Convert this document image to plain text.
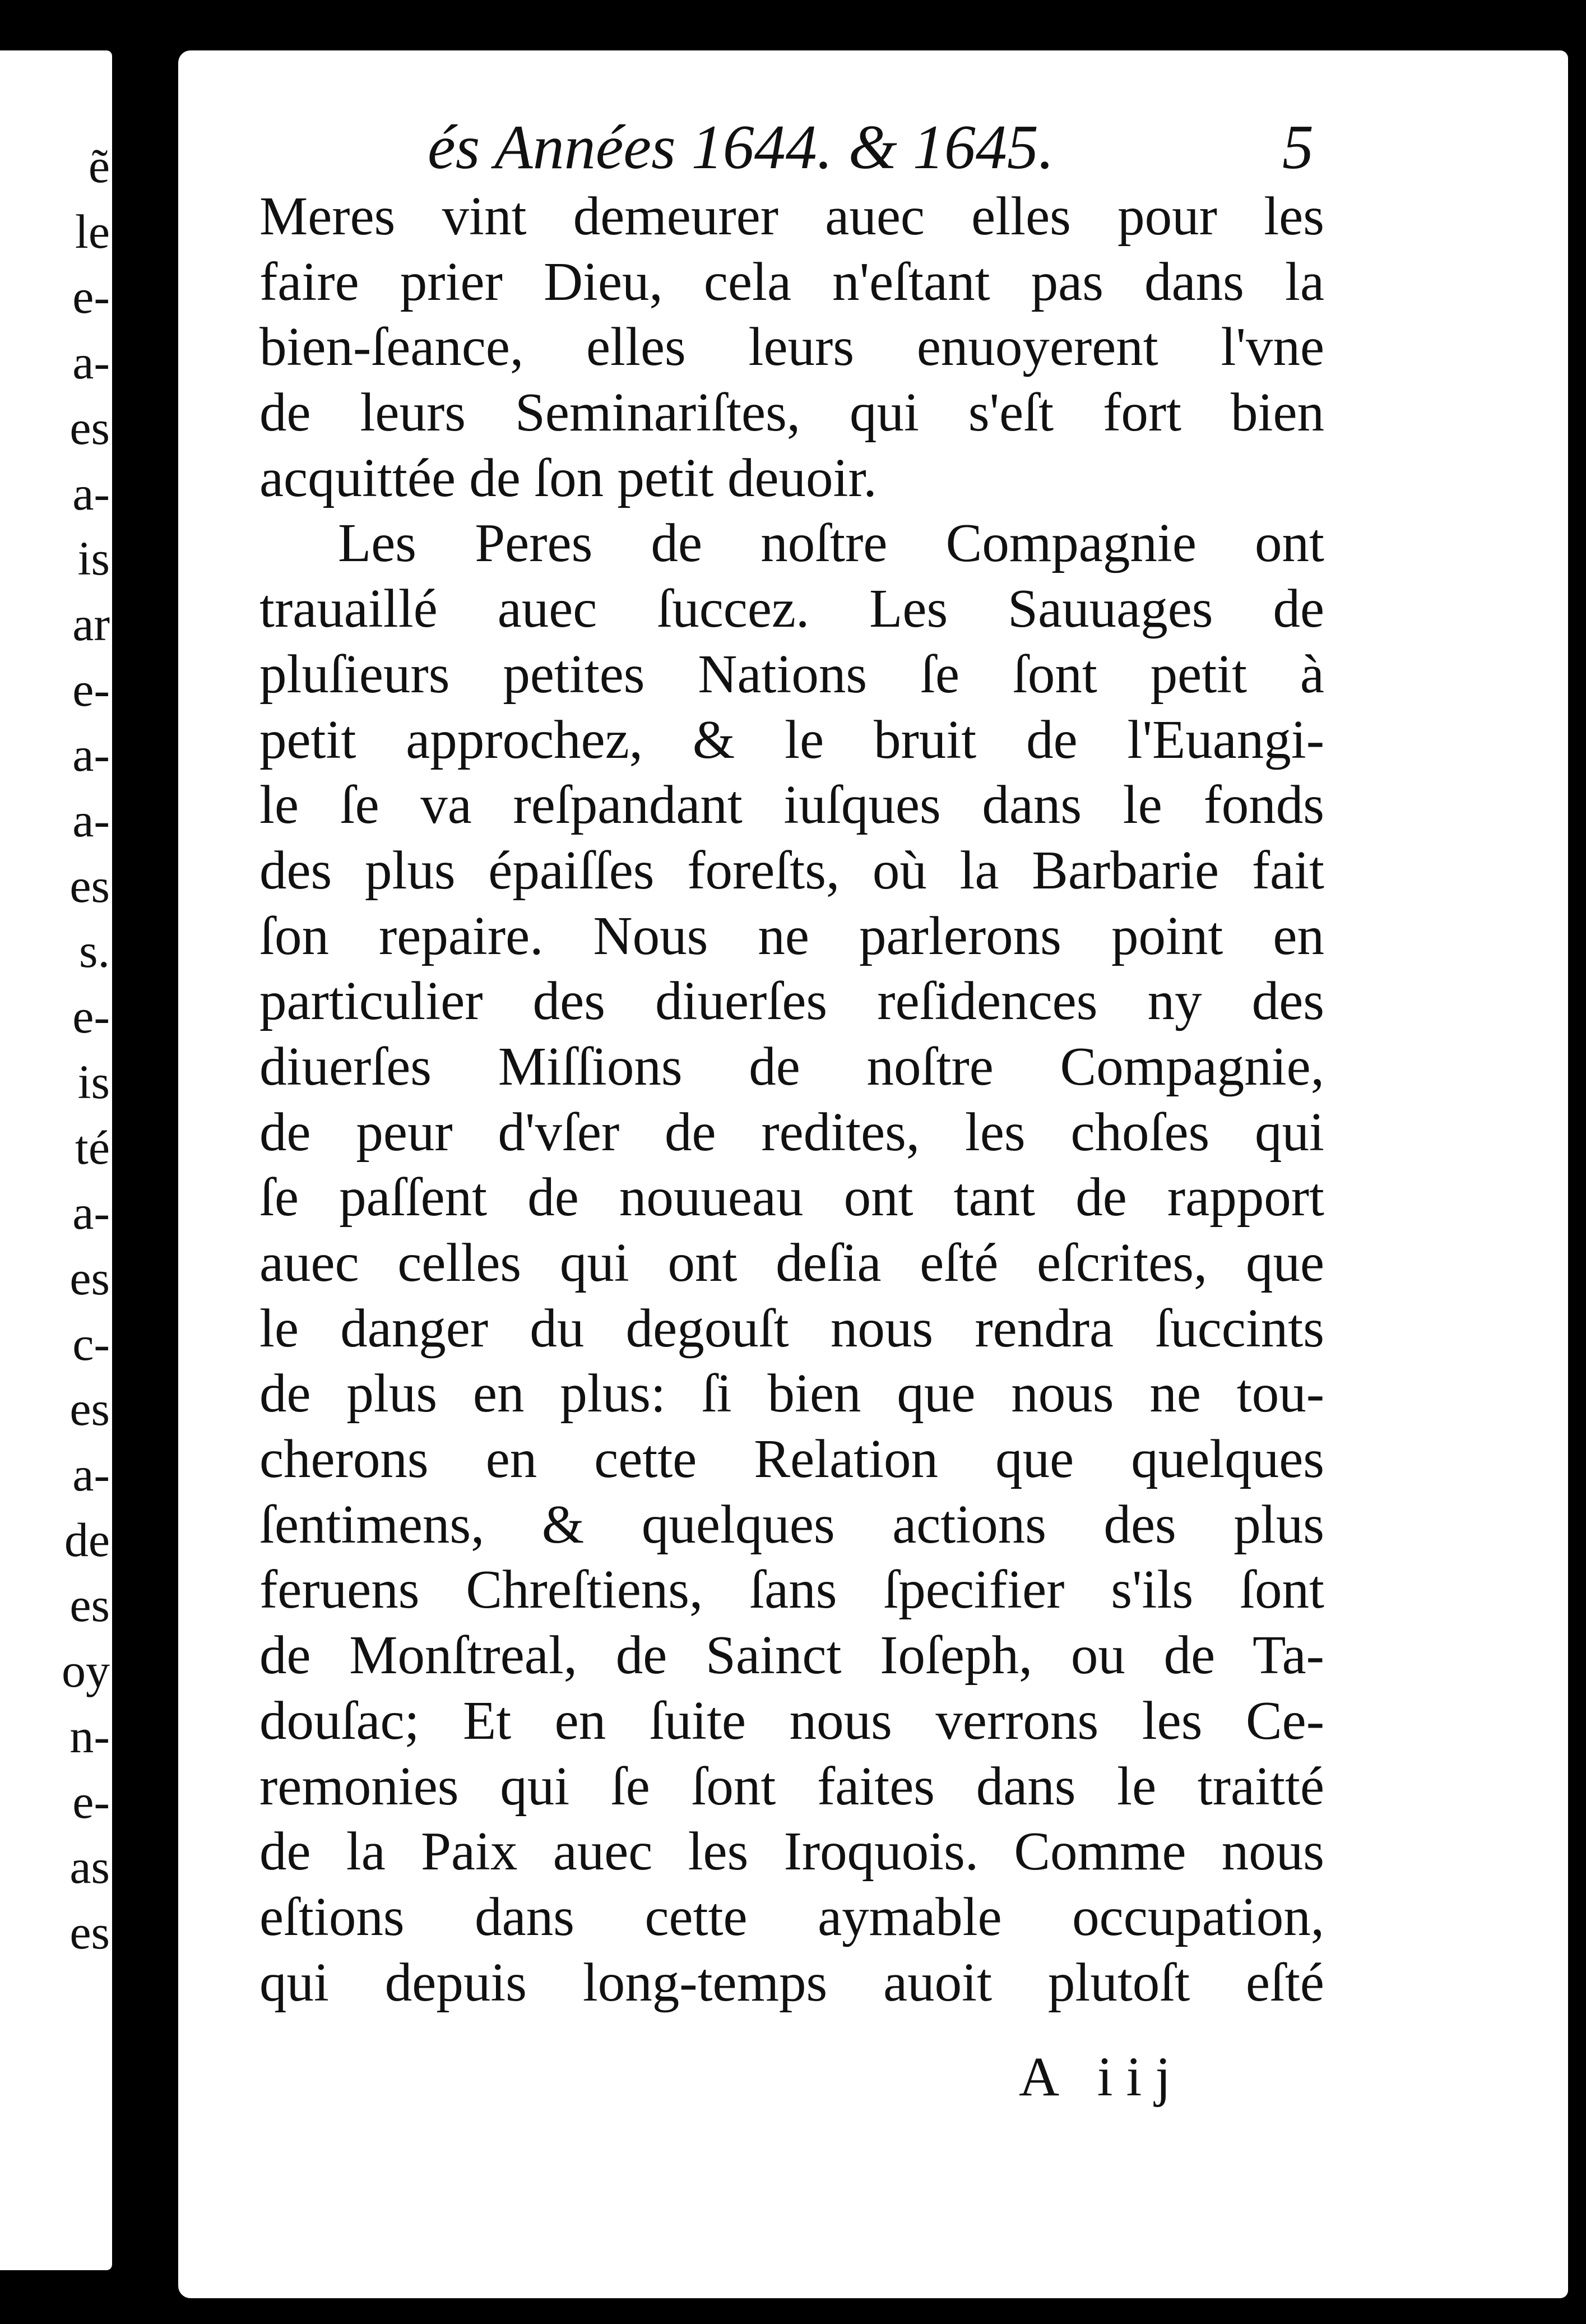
ẽ
le
e-
a-
es
a-
is
ar
e-
a-
a-
es
s.
e-
is
té
a-
es
c-
es
a-
de
es
oy
n-
e-
as
es
és Années 1644. & 1645.	5
Meres vint demeurer auec elles pour les
faire prier Dieu, cela n'eſtant pas dans la
bien-ſeance, elles leurs enuoyerent l'vne
de leurs Seminariſtes, qui s'eſt fort bien
acquittée de ſon petit deuoir.
Les Peres de noſtre Compagnie ont
trauaillé auec ſuccez. Les Sauuages de
pluſieurs petites Nations ſe ſont petit à
petit approchez, & le bruit de l'Euangi-
le ſe va reſpandant iuſques dans le fonds
des plus épaiſſes foreſts, où la Barbarie fait
ſon repaire. Nous ne parlerons point en
particulier des diuerſes reſidences ny des
diuerſes Miſſions de noſtre Compagnie,
de peur d'vſer de redites, les choſes qui
ſe paſſent de nouueau ont tant de rapport
auec celles qui ont deſia eſté eſcrites, que
le danger du degouſt nous rendra ſuccints
de plus en plus: ſi bien que nous ne tou-
cherons en cette Relation que quelques
ſentimens, & quelques actions des plus
feruens Chreſtiens, ſans ſpecifier s'ils ſont
de Monſtreal, de Sainct Ioſeph, ou de Ta-
douſac; Et en ſuite nous verrons les Ce-
remonies qui ſe ſont faites dans le traitté
de la Paix auec les Iroquois. Comme nous
eſtions dans cette aymable occupation,
qui depuis long-temps auoit plutoſt eſté
A iij
